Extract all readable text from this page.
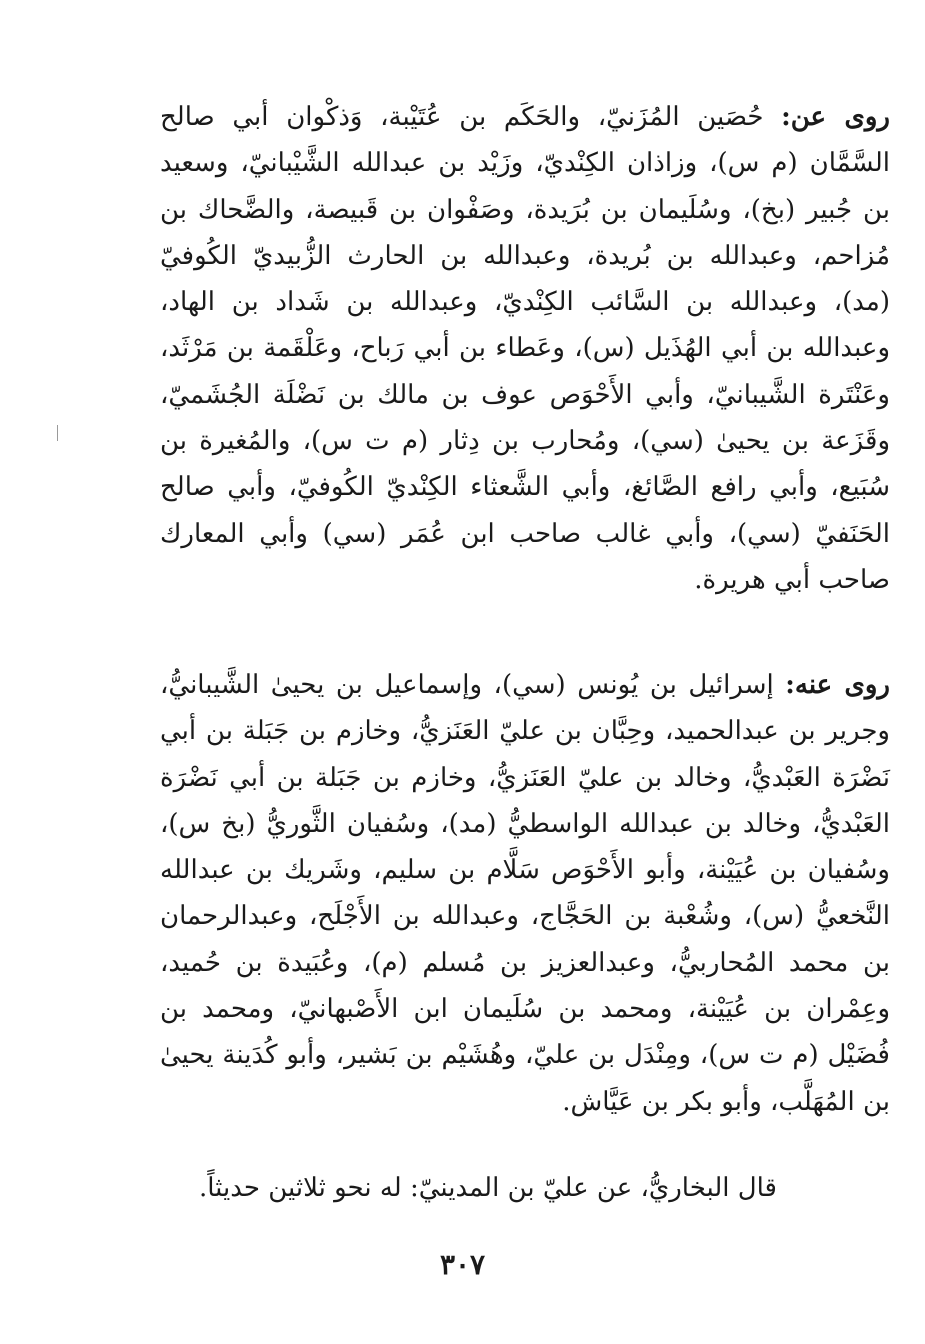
روى عن: حُصَين المُزَنيّ، والحَكَم بن عُتَيْبة، وَذكْوان أبي صالح السَّمَّان (م س)، وزاذان الكِنْديّ، وزَيْد بن عبدالله الشَّيْبانيّ، وسعيد بن جُبير (بخ)، وسُلَيمان بن بُرَيدة، وصَفْوان بن قَبيصة، والضَّحاك بن مُزاحم، وعبدالله بن بُريدة، وعبدالله بن الحارث الزُّبيديّ الكُوفيّ (مد)، وعبدالله بن السَّائب الكِنْديّ، وعبدالله بن شَداد بن الهاد، وعبدالله بن أبي الهُذَيل (س)، وعَطاء بن أبي رَباح، وعَلْقَمة بن مَرْثَد، وعَنْتَرة الشَّيبانيّ، وأبي الأَحْوَص عوف بن مالك بن نَضْلَة الجُشَميّ، وقَزَعة بن يحيىٰ (سي)، ومُحارب بن دِثار (م ت س)، والمُغيرة بن سُبَيع، وأبي رافع الصَّائغ، وأبي الشَّعثاء الكِنْديّ الكُوفيّ، وأبي صالح الحَنَفيّ (سي)، وأبي غالب صاحب ابن عُمَر (سي) وأبي المعارك صاحب أبي هريرة.

روى عنه: إسرائيل بن يُونس (سي)، وإسماعيل بن يحيىٰ الشَّيبانيُّ، وجرير بن عبدالحميد، وحِبَّان بن عليّ العَنَزيُّ، وخازم بن جَبَلة بن أبي نَضْرَة العَبْديُّ، وخالد بن عليّ العَنَزيُّ، وخازم بن جَبَلة بن أبي نَضْرَة العَبْديُّ، وخالد بن عبدالله الواسطيُّ (مد)، وسُفيان الثَّوريُّ (بخ س)، وسُفيان بن عُيَيْنة، وأبو الأَحْوَص سَلَّام بن سليم، وشَريك بن عبدالله النَّخعيُّ (س)، وشُعْبة بن الحَجَّاج، وعبدالله بن الأَجْلَح، وعبدالرحمان بن محمد المُحاربيُّ، وعبدالعزيز بن مُسلم (م)، وعُبَيدة بن حُميد، وعِمْران بن عُيَيْنة، ومحمد بن سُلَيمان ابن الأَصْبهانيّ، ومحمد بن فُضَيْل (م ت س)، ومِنْدَل بن عليّ، وهُشَيْم بن بَشير، وأبو كُدَينة يحيىٰ بن المُهَلَّب، وأبو بكر بن عَيَّاش.

قال البخاريُّ، عن عليّ بن المدينيّ: له نحو ثلاثين حديثاً.

٣٠٧
